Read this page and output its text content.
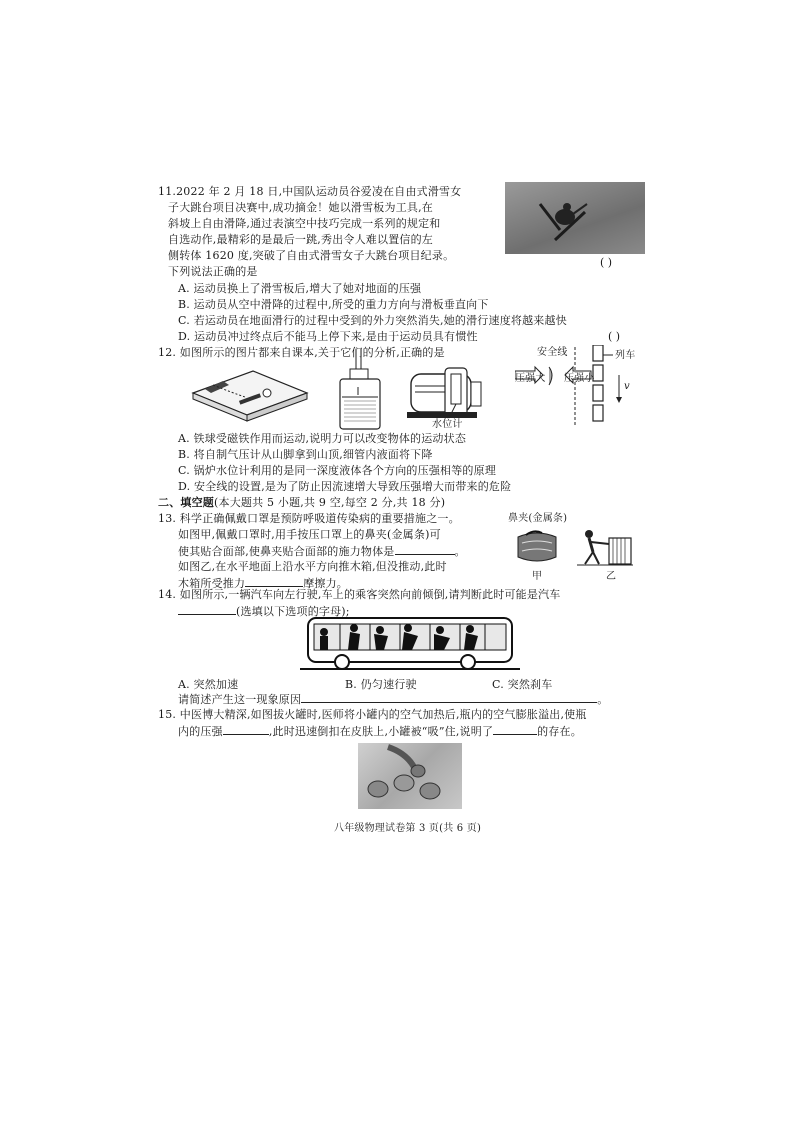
11.2022 年 2 月 18 日,中国队运动员谷爱凌在自由式滑雪女
子大跳台项目决赛中,成功摘金！她以滑雪板为工具,在
斜坡上自由滑降,通过表演空中技巧完成一系列的规定和
自选动作,最精彩的是最后一跳,秀出令人难以置信的左
侧转体 1620 度,突破了自由式滑雪女子大跳台项目纪录。
下列说法正确的是
( )
A. 运动员换上了滑雪板后,增大了她对地面的压强
B. 运动员从空中滑降的过程中,所受的重力方向与滑板垂直向下
C. 若运动员在地面滑行的过程中受到的外力突然消失,她的滑行速度将越来越快
D. 运动员冲过终点后不能马上停下来,是由于运动员具有惯性	( )
12. 如图所示的图片都来自课本,关于它们的分析,正确的是
水位计
安全线	列车
压强大 压强小
v
A. 铁球受磁铁作用而运动,说明力可以改变物体的运动状态
B. 将自制气压计从山脚拿到山顶,细管内液面将下降
C. 锅炉水位计利用的是同一深度液体各个方向的压强相等的原理
D. 安全线的设置,是为了防止因流速增大导致压强增大而带来的危险
二、填空题(本大题共 5 小题,共 9 空,每空 2 分,共 18 分)
13. 科学正确佩戴口罩是预防呼吸道传染病的重要措施之一。
如图甲,佩戴口罩时,用手按压口罩上的鼻夹(金属条)可
使其贴合面部,使鼻夹贴合面部的施力物体是	。
如图乙,在水平地面上沿水平方向推木箱,但没推动,此时
木箱所受推力	摩擦力。
鼻夹(金属条)
甲	乙
14. 如图所示,一辆汽车向左行驶,车上的乘客突然向前倾倒,请判断此时可能是汽车
(选填以下选项的字母);
A. 突然加速	B. 仍匀速行驶	C. 突然刹车
请简述产生这一现象原因	。
15. 中医博大精深,如图拔火罐时,医师将小罐内的空气加热后,瓶内的空气膨胀溢出,使瓶
内的压强	,此时迅速倒扣在皮肤上,小罐被“吸”住,说明了	的存在。
八年级物理试卷第 3 页(共 6 页)
